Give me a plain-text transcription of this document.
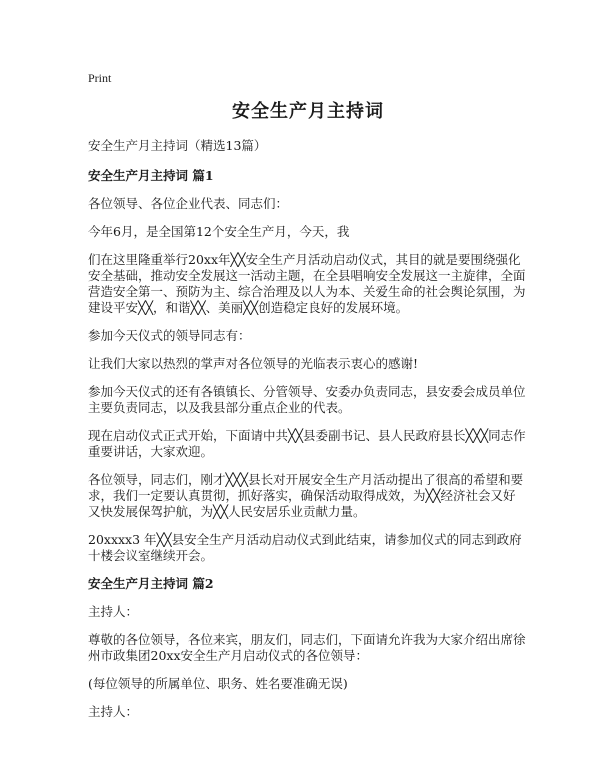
Print
安全生产月主持词

安全生产月主持词（精选13篇）

安全生产月主持词 篇1

各位领导、各位企业代表、同志们：

今年6月，是全国第12个安全生产月，今天，我

们在这里隆重举行20xx年╳╳安全生产月活动启动仪式，其目的就是要围绕强化安全基础，推动安全发展这一活动主题，在全县唱响安全发展这一主旋律，全面营造安全第一、预防为主、综合治理及以人为本、关爱生命的社会舆论氛围，为建设平安╳╳，和谐╳╳、美丽╳╳创造稳定良好的发展环境。

参加今天仪式的领导同志有：

让我们大家以热烈的掌声对各位领导的光临表示衷心的感谢!

参加今天仪式的还有各镇镇长、分管领导、安委办负责同志，县安委会成员单位主要负责同志，以及我县部分重点企业的代表。

现在启动仪式正式开始，下面请中共╳╳县委副书记、县人民政府县长╳╳╳同志作重要讲话，大家欢迎。

各位领导，同志们，刚才╳╳╳县长对开展安全生产月活动提出了很高的希望和要求，我们一定要认真贯彻，抓好落实，确保活动取得成效，为╳╳经济社会又好又快发展保驾护航，为╳╳人民安居乐业贡献力量。

20xxxx3 年╳╳县安全生产月活动启动仪式到此结束，请参加仪式的同志到政府十楼会议室继续开会。

安全生产月主持词 篇2

主持人：

尊敬的各位领导，各位来宾，朋友们，同志们，下面请允许我为大家介绍出席徐州市政集团20xx安全生产月启动仪式的各位领导：

(每位领导的所属单位、职务、姓名要准确无误)

主持人：
